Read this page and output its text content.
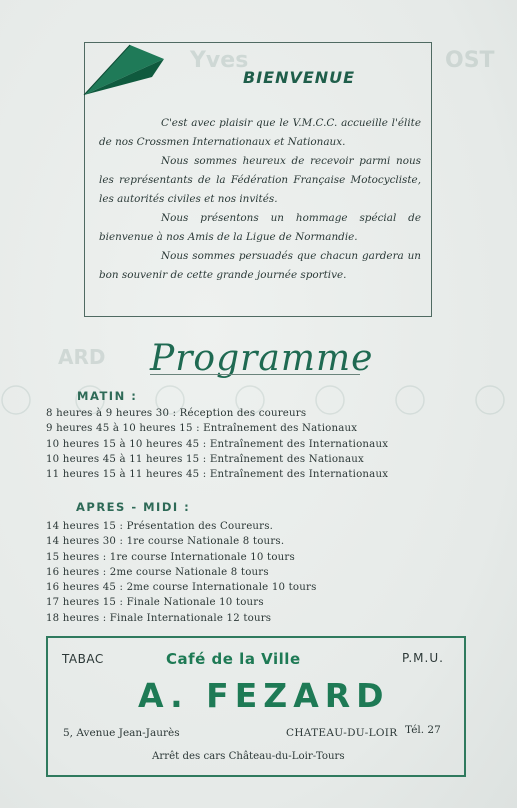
Yves	OST
ARD
BIENVENUE

C'est avec plaisir que le V.M.C.C. accueille l'élite de nos Crossmen Internationaux et Nationaux.

Nous sommes heureux de recevoir parmi nous les représentants de la Fédération Française Motocycliste, les autorités civiles et nos invités.

Nous présentons un hommage spécial de bienvenue à nos Amis de la Ligue de Normandie.

Nous sommes persuadés que chacun gardera un bon souvenir de cette grande journée sportive.

Programme
MATIN :
8 heures à 9 heures 30 : Réception des coureurs
9 heures 45 à 10 heures 15 : Entraînement des Nationaux
10 heures 15 à 10 heures 45 : Entraînement des Internationaux
10 heures 45 à 11 heures 15 : Entraînement des Nationaux
11 heures 15 à 11 heures 45 : Entraînement des Internationaux
APRES - MIDI :
14 heures 15 : Présentation des Coureurs.
14 heures 30 : 1re course Nationale 8 tours.
15 heures : 1re course Internationale 10 tours
16 heures : 2me course Nationale 8 tours
16 heures 45 : 2me course Internationale 10 tours
17 heures 15 : Finale Nationale 10 tours
18 heures : Finale Internationale 12 tours
TABAC	Café de la Ville	P.M.U.
A. FEZARD
5, Avenue Jean-Jaurès	CHATEAU-DU-LOIR Tél. 27
Arrêt des cars Château-du-Loir-Tours
